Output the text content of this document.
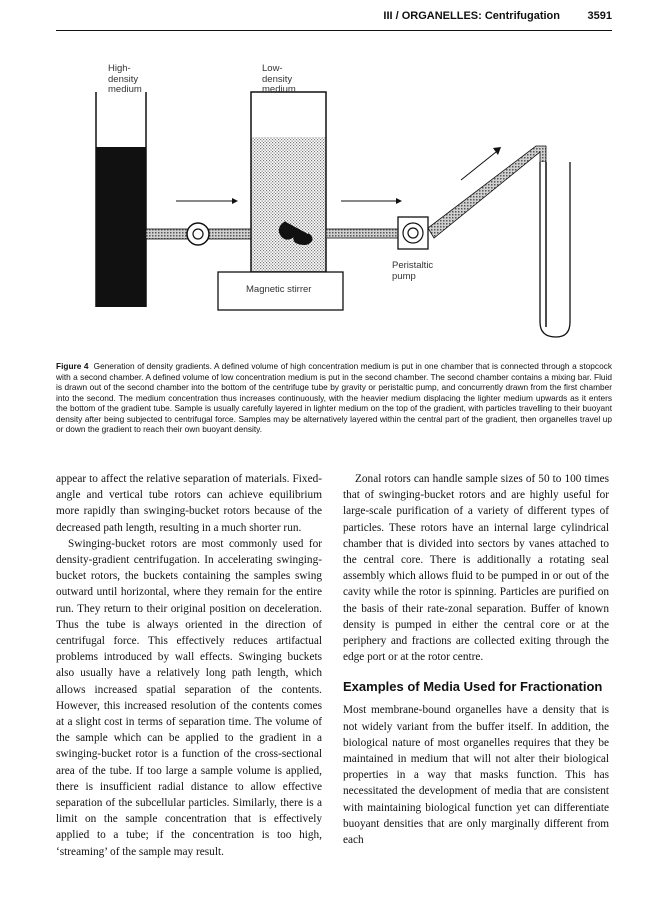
III / ORGANELLES: Centrifugation	3591
High-
density
medium
Low-
density
medium
Magnetic stirrer
Peristaltic
pump
Figure 4 Generation of density gradients. A defined volume of high concentration medium is put in one chamber that is connected through a stopcock with a second chamber. A defined volume of low concentration medium is put in the second chamber. The second chamber contains a mixing bar. Fluid is drawn out of the second chamber into the bottom of the centrifuge tube by gravity or peristaltic pump, and concurrently drawn from the first chamber into the second. The medium concentration thus increases continuously, with the heavier medium displacing the lighter medium upwards as it enters the bottom of the gradient tube. Sample is usually carefully layered in lighter medium on the top of the gradient, with particles travelling to their buoyant density after being subjected to centrifugal force. Samples may be alternatively layered within the central part of the gradient, then organelles travel up or down the gradient to reach their own buoyant density.

appear to affect the relative separation of materials. Fixed-angle and vertical tube rotors can achieve equilibrium more rapidly than swinging-bucket rotors because of the decreased path length, resulting in a much shorter run.

Swinging-bucket rotors are most commonly used for density-gradient centrifugation. In accelerating swinging-bucket rotors, the buckets containing the samples swing outward until horizontal, where they remain for the entire run. They return to their original position on deceleration. Thus the tube is always oriented in the direction of centrifugal force. This effectively reduces artifactual problems introduced by wall effects. Swinging buckets also usually have a relatively long path length, which allows increased spatial separation of the contents. However, this increased resolution of the contents comes at a slight cost in terms of separation time. The volume of the sample which can be applied to the gradient in a swinging-bucket rotor is a function of the cross-sectional area of the tube. If too large a sample volume is applied, there is insufficient radial distance to allow effective separation of the subcellular particles. Similarly, there is a limit on the sample concentration that is effectively applied to a tube; if the concentration is too high, ‘streaming’ of the sample may result.

Zonal rotors can handle sample sizes of 50 to 100 times that of swinging-bucket rotors and are highly useful for large-scale purification of a variety of different types of particles. These rotors have an internal large cylindrical chamber that is divided into sectors by vanes attached to the central core. There is additionally a rotating seal assembly which allows fluid to be pumped in or out of the cavity while the rotor is spinning. Particles are purified on the basis of their rate-zonal separation. Buffer of known density is pumped in either the central core or at the periphery and fractions are collected exiting through the edge port or at the rotor centre.

Examples of Media Used for Fractionation

Most membrane-bound organelles have a density that is not widely variant from the buffer itself. In addition, the biological nature of most organelles requires that they be maintained in medium that will not alter their biological properties in a way that masks function. This has necessitated the development of media that are consistent with maintaining biological function yet can differentiate buoyant densities that are only marginally different from each
